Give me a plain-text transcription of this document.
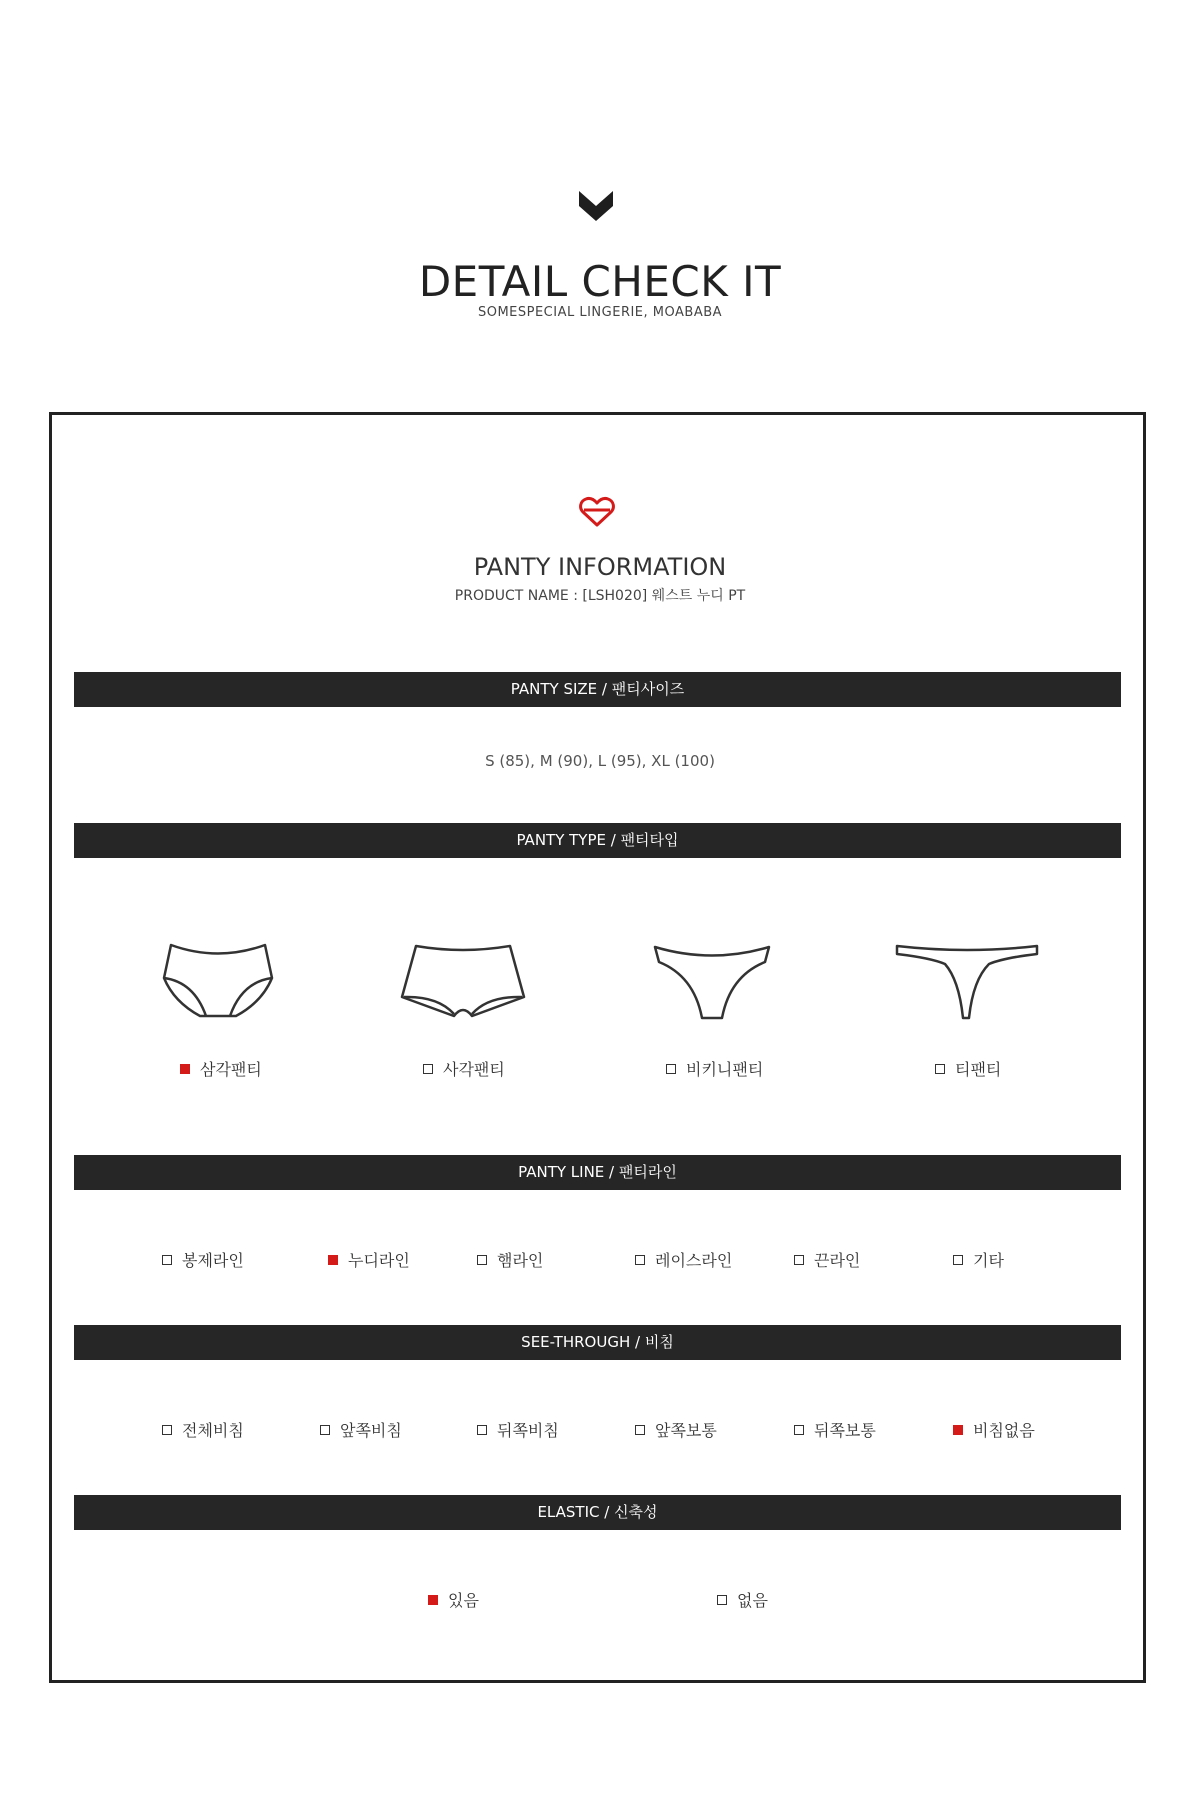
DETAIL CHECK IT
SOMESPECIAL LINGERIE, MOABABA
PANTY INFORMATION
PRODUCT NAME : [LSH020] 웨스트 누디 PT
PANTY SIZE / 팬티사이즈
S (85), M (90), L (95), XL (100)
PANTY TYPE / 팬티타입
삼각팬티	사각팬티	비키니팬티	티팬티
PANTY LINE / 팬티라인
봉제라인	누디라인	햄라인	레이스라인	끈라인	기타
SEE-THROUGH / 비침
전체비침	앞쪽비침	뒤쪽비침	앞쪽보통	뒤쪽보통	비침없음
ELASTIC / 신축성
있음	없음
